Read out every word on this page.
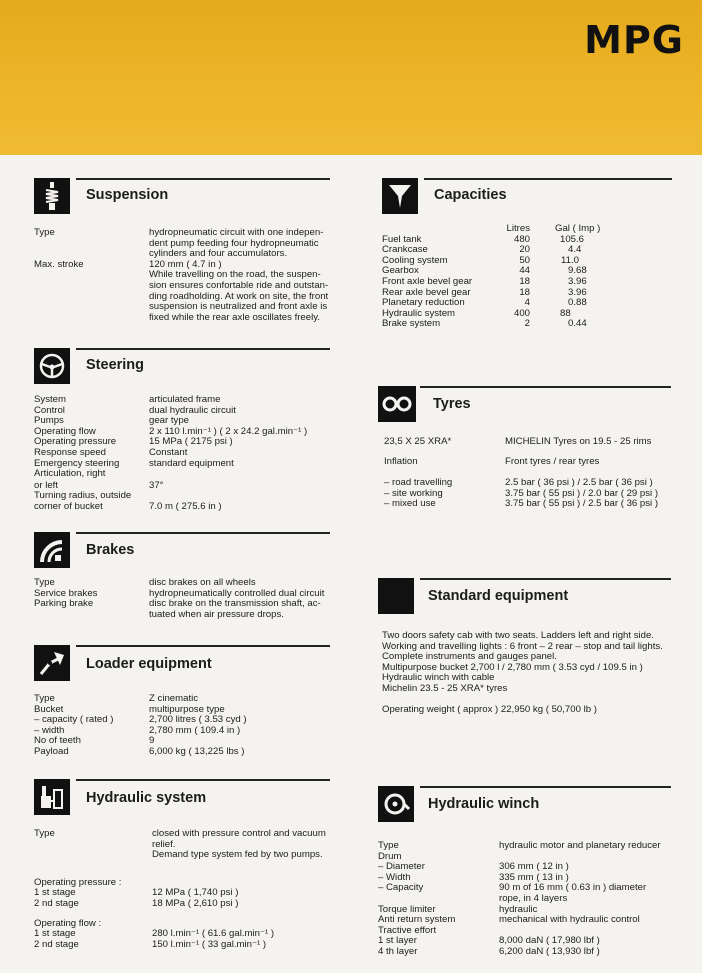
MPG
Suspension
Type	hydropneumatic circuit with one indepen-dent pump feeding four hydropneumatic cylinders and four accumulators.
Max. stroke	120 mm ( 4.7 in )
While travelling on the road, the suspen-sion ensures confortable ride and outstan-ding roadholding. At work on site, the front suspension is neutralized and front axle is fixed while the rear axle oscillates freely.
Steering
System	articulated frame
Control	dual hydraulic circuit
Pumps	gear type
Operating flow	2 x 110 l.min⁻¹ ) ( 2 x 24.2 gal.min⁻¹ )
Operating pressure	15 MPa ( 2175 psi )
Response speed	Constant
Emergency steering	standard equipment
Articulation, right
or left	37°
Turning radius, outside
corner of bucket	7.0 m ( 275.6 in )
Brakes
Type	disc brakes on all wheels
Service brakes	hydropneumatically controlled dual circuit
Parking brake	disc brake on the transmission shaft, ac-tuated when air pressure drops.
Loader equipment
Type	Z cinematic
Bucket	multipurpose type
– capacity ( rated )	2,700 litres ( 3.53 cyd )
– width	2,780 mm ( 109.4 in )
No of teeth	9
Payload	6,000 kg ( 13,225 lbs )
Hydraulic system
Type	closed with pressure control and vacuum relief.
Demand type system fed by two pumps.
Operating pressure :
1 st stage	12 MPa ( 1,740 psi )
2 nd stage	18 MPa ( 2,610 psi )
Operating flow :
1 st stage	280 l.min⁻¹ ( 61.6 gal.min⁻¹ )
2 nd stage	150 l.min⁻¹ ( 33 gal.min⁻¹ )
Capacities
	Litres	Gal ( Imp )
Fuel tank	480	105.6
Crankcase	20	4.4
Cooling system	50	11.0
Gearbox	44	9.68
Front axle bevel gear	18	3.96
Rear axle bevel gear	18	3.96
Planetary reduction	4	0.88
Hydraulic system	400	88
Brake system	2	0.44
Tyres
23,5 X 25 XRA*	MICHELIN Tyres on 19.5 - 25 rims
Inflation	Front tyres / rear tyres
– road travelling	2.5 bar ( 36 psi ) / 2.5 bar ( 36 psi )
– site working	3.75 bar ( 55 psi ) / 2.0 bar ( 29 psi )
– mixed use	3.75 bar ( 55 psi ) / 2.5 bar ( 36 psi )
Standard equipment
Two doors safety cab with two seats. Ladders left and right side.
Working and travelling lights : 6 front – 2 rear – stop and tail lights.
Complete instruments and gauges panel.
Multipurpose bucket 2,700 l / 2,780 mm ( 3.53 cyd / 109.5 in )
Hydraulic winch with cable
Michelin 23.5 - 25 XRA* tyres
Operating weight ( approx ) 22,950 kg ( 50,700 lb )
Hydraulic winch
Type	hydraulic motor and planetary reducer
Drum
– Diameter	306 mm ( 12 in )
– Width	335 mm ( 13 in )
– Capacity	90 m of 16 mm ( 0.63 in ) diameter
rope, in 4 layers
Torque limiter	hydraulic
Anti return system	mechanical with hydraulic control
Tractive effort
1 st layer	8,000 daN ( 17,980 lbf )
4 th layer	6,200 daN ( 13,930 lbf )
